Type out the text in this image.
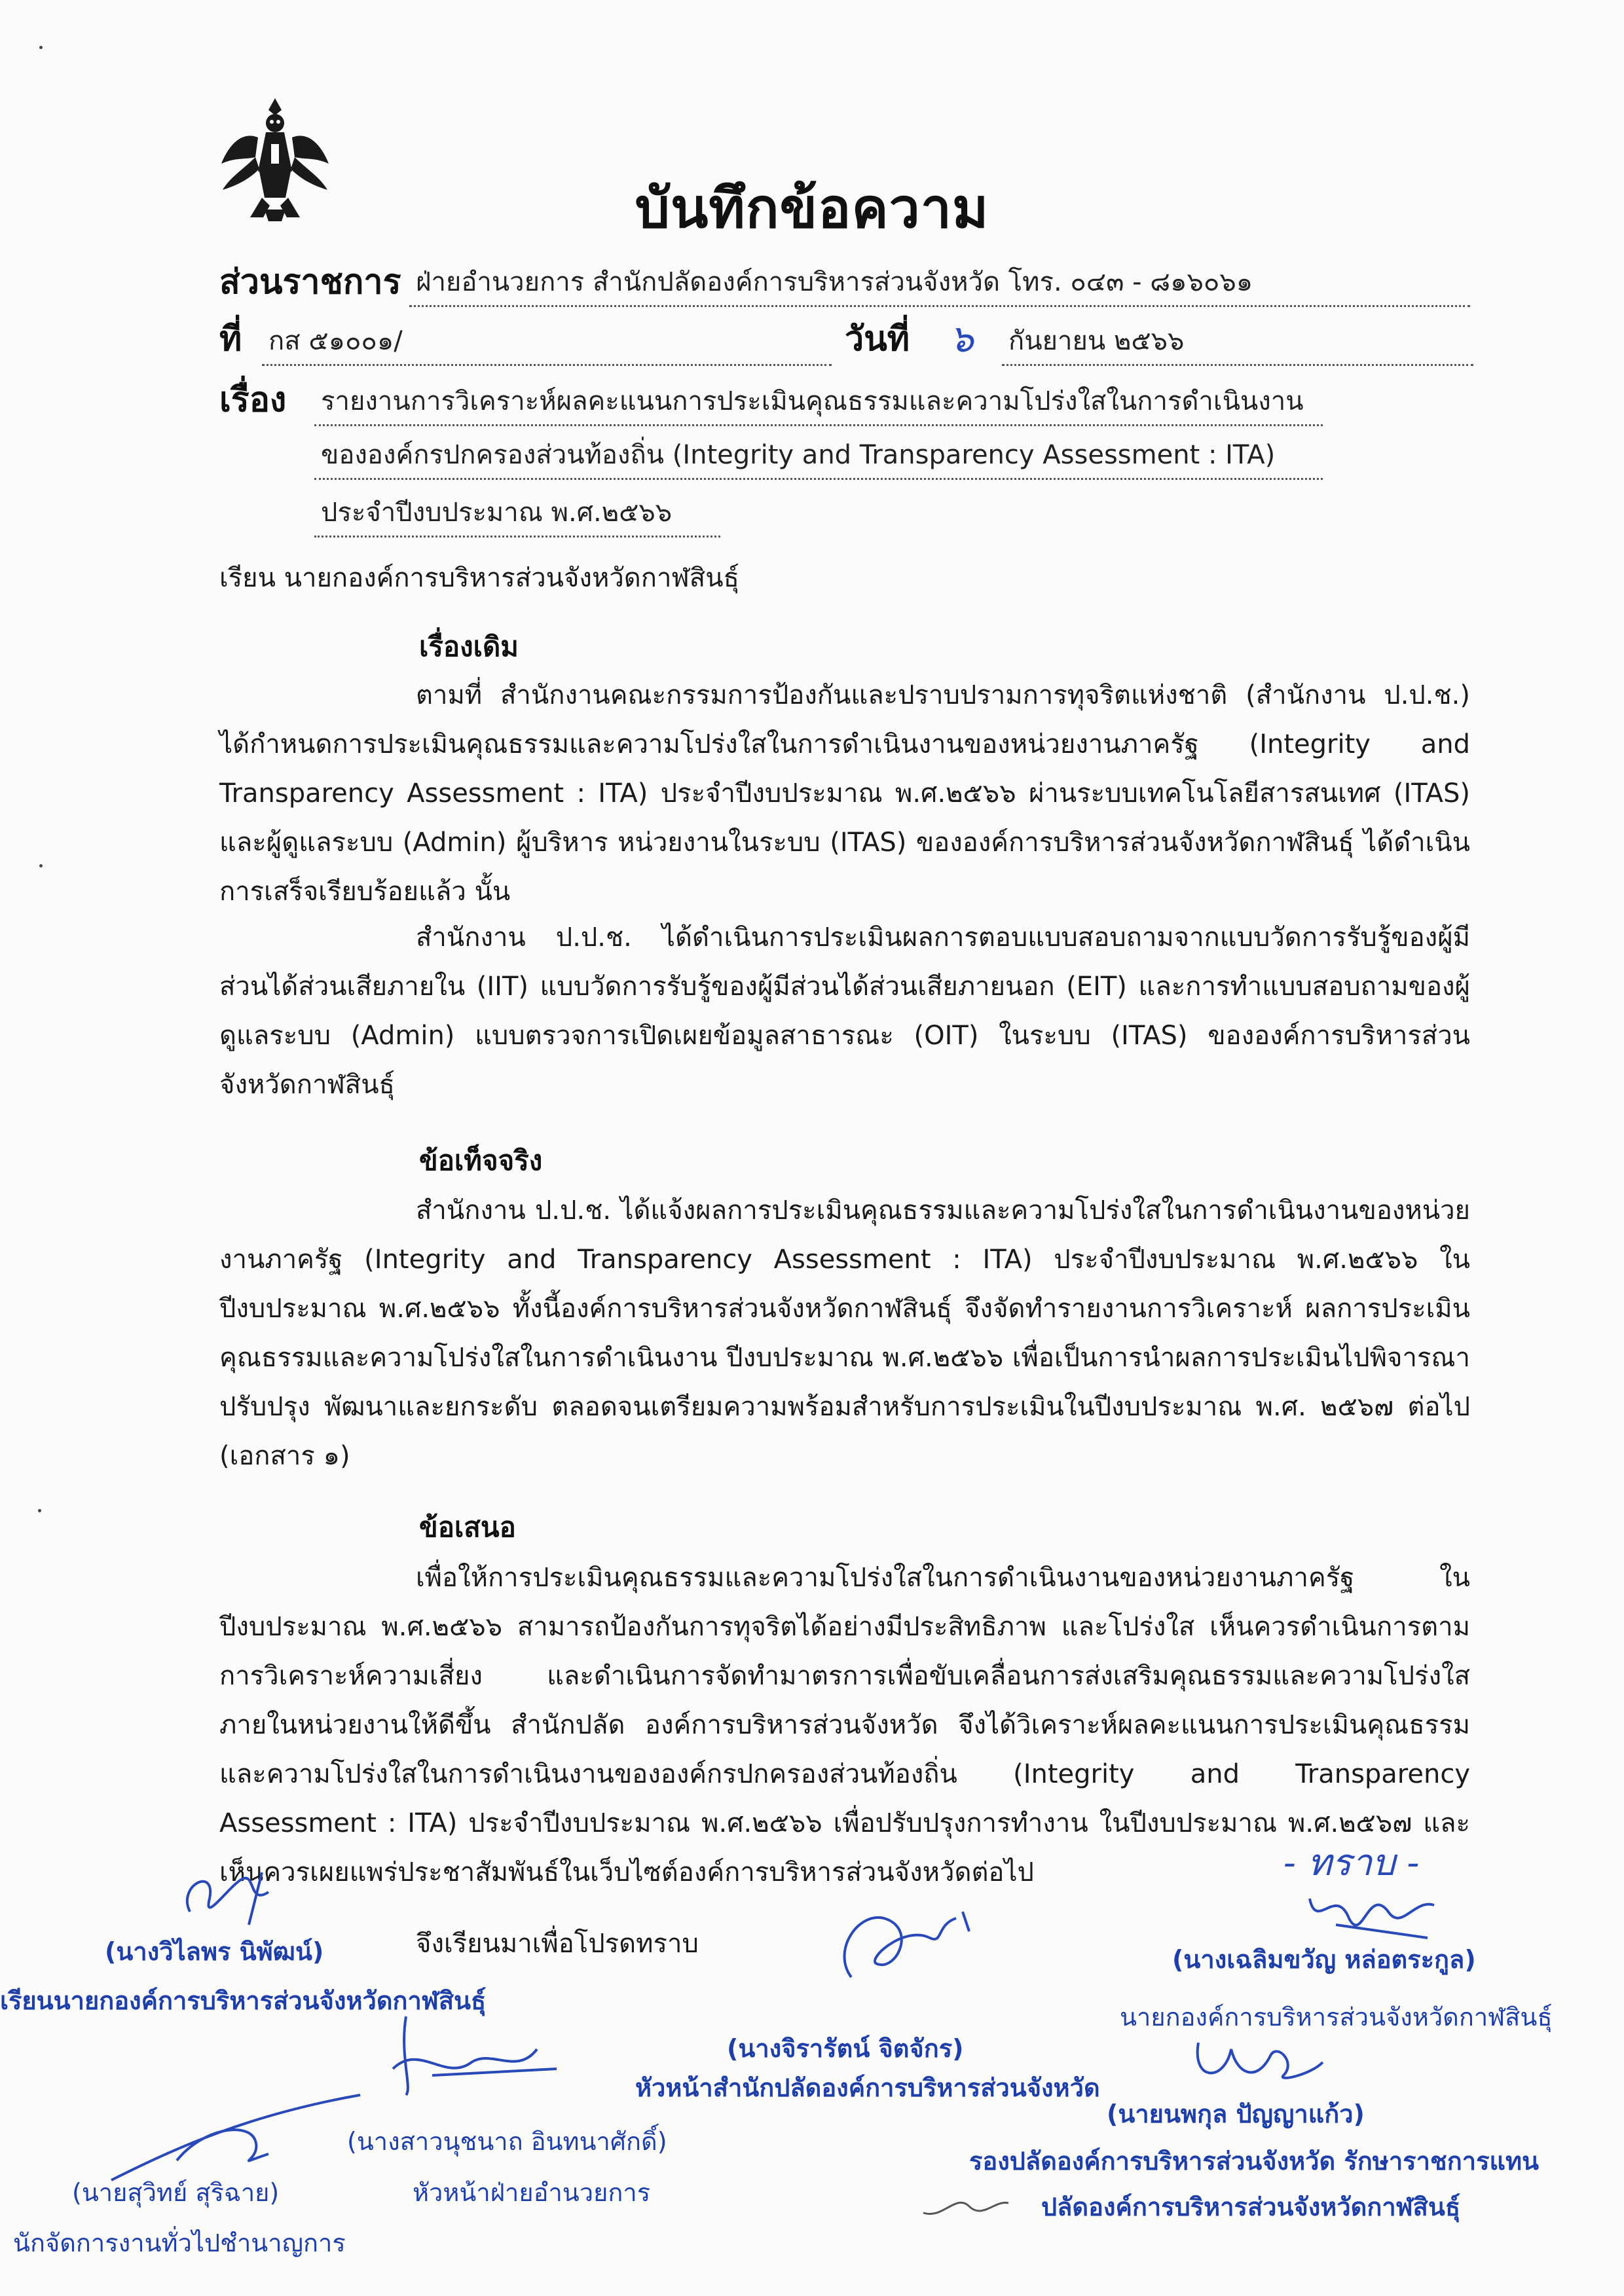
บันทึกข้อความ
ส่วนราชการ ฝ่ายอำนวยการ สำนักปลัดองค์การบริหารส่วนจังหวัด โทร. ๐๔๓ - ๘๑๖๐๖๑
ที่ กส ๕๑๐๐๑/	วันที่ ๖ กันยายน ๒๕๖๖
เรื่อง รายงานการวิเคราะห์ผลคะแนนการประเมินคุณธรรมและความโปร่งใสในการดำเนินงาน
ขององค์กรปกครองส่วนท้องถิ่น (Integrity and Transparency Assessment : ITA)
ประจำปีงบประมาณ พ.ศ.๒๕๖๖
เรียน นายกองค์การบริหารส่วนจังหวัดกาฬสินธุ์
เรื่องเดิม
ตามที่ สำนักงานคณะกรรมการป้องกันและปราบปรามการทุจริตแห่งชาติ (สำนักงาน ป.ป.ช.) ได้กำหนดการประเมินคุณธรรมและความโปร่งใสในการดำเนินงานของหน่วยงานภาครัฐ (Integrity and Transparency Assessment : ITA) ประจำปีงบประมาณ พ.ศ.๒๕๖๖ ผ่านระบบเทคโนโลยีสารสนเทศ (ITAS) และผู้ดูแลระบบ (Admin) ผู้บริหาร หน่วยงานในระบบ (ITAS) ขององค์การบริหารส่วนจังหวัดกาฬสินธุ์ ได้ดำเนินการเสร็จเรียบร้อยแล้ว นั้น
สำนักงาน ป.ป.ช. ได้ดำเนินการประเมินผลการตอบแบบสอบถามจากแบบวัดการรับรู้ของผู้มีส่วนได้ส่วนเสียภายใน (IIT) แบบวัดการรับรู้ของผู้มีส่วนได้ส่วนเสียภายนอก (EIT) และการทำแบบสอบถามของผู้ดูแลระบบ (Admin) แบบตรวจการเปิดเผยข้อมูลสาธารณะ (OIT) ในระบบ (ITAS) ขององค์การบริหารส่วนจังหวัดกาฬสินธุ์
ข้อเท็จจริง
สำนักงาน ป.ป.ช. ได้แจ้งผลการประเมินคุณธรรมและความโปร่งใสในการดำเนินงานของหน่วยงานภาครัฐ (Integrity and Transparency Assessment : ITA) ประจำปีงบประมาณ พ.ศ.๒๕๖๖ ในปีงบประมาณ พ.ศ.๒๕๖๖ ทั้งนี้องค์การบริหารส่วนจังหวัดกาฬสินธุ์ จึงจัดทำรายงานการวิเคราะห์ ผลการประเมินคุณธรรมและความโปร่งใสในการดำเนินงาน ปีงบประมาณ พ.ศ.๒๕๖๖ เพื่อเป็นการนำผลการประเมินไปพิจารณาปรับปรุง พัฒนาและยกระดับ ตลอดจนเตรียมความพร้อมสำหรับการประเมินในปีงบประมาณ พ.ศ. ๒๕๖๗ ต่อไป (เอกสาร ๑)
ข้อเสนอ
เพื่อให้การประเมินคุณธรรมและความโปร่งใสในการดำเนินงานของหน่วยงานภาครัฐ ในปีงบประมาณ พ.ศ.๒๕๖๖ สามารถป้องกันการทุจริตได้อย่างมีประสิทธิภาพ และโปร่งใส เห็นควรดำเนินการตามการวิเคราะห์ความเสี่ยง และดำเนินการจัดทำมาตรการเพื่อขับเคลื่อนการส่งเสริมคุณธรรมและความโปร่งใสภายในหน่วยงานให้ดีขึ้น สำนักปลัด องค์การบริหารส่วนจังหวัด จึงได้วิเคราะห์ผลคะแนนการประเมินคุณธรรมและความโปร่งใสในการดำเนินงานขององค์กรปกครองส่วนท้องถิ่น (Integrity and Transparency Assessment : ITA) ประจำปีงบประมาณ พ.ศ.๒๕๖๖ เพื่อปรับปรุงการทำงาน ในปีงบประมาณ พ.ศ.๒๕๖๗ และเห็นควรเผยแพร่ประชาสัมพันธ์ในเว็บไซต์องค์การบริหารส่วนจังหวัดต่อไป	- ทราบ -
จึงเรียนมาเพื่อโปรดทราบ
(นางวิไลพร นิพัฒน์)
เรียนนายกองค์การบริหารส่วนจังหวัดกาฬสินธุ์
(นางจิรารัตน์ จิตจักร)
หัวหน้าสำนักปลัดองค์การบริหารส่วนจังหวัด
(นางเฉลิมขวัญ หล่อตระกูล)
นายกองค์การบริหารส่วนจังหวัดกาฬสินธุ์
(นางสาวนุชนาถ อินทนาศักดิ์)
หัวหน้าฝ่ายอำนวยการ
(นายนพกุล ปัญญาแก้ว)
รองปลัดองค์การบริหารส่วนจังหวัด รักษาราชการแทน
ปลัดองค์การบริหารส่วนจังหวัดกาฬสินธุ์
(นายสุวิทย์ สุริฉาย)
นักจัดการงานทั่วไปชำนาญการ
